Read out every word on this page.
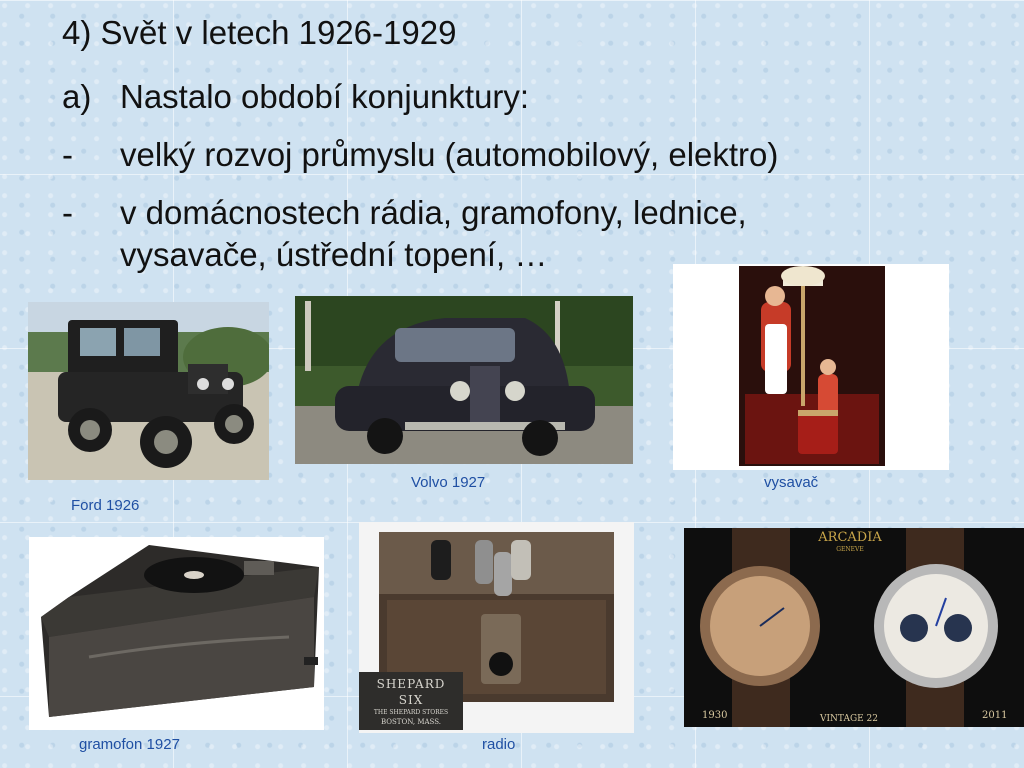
4) Svět v letech 1926-1929
a) Nastalo období konjunktury:
- velký rozvoj průmyslu (automobilový, elektro)
- v domácnostech rádia, gramofony, lednice,
vysavače, ústřední topení, …
Ford 1926
Volvo 1927	vysavač
gramofon 1927
SHEPARD SIX
THE SHEPARD STORES
BOSTON, MASS.
radio
ARCADIA
GENEVE
1930	VINTAGE 22	2011
